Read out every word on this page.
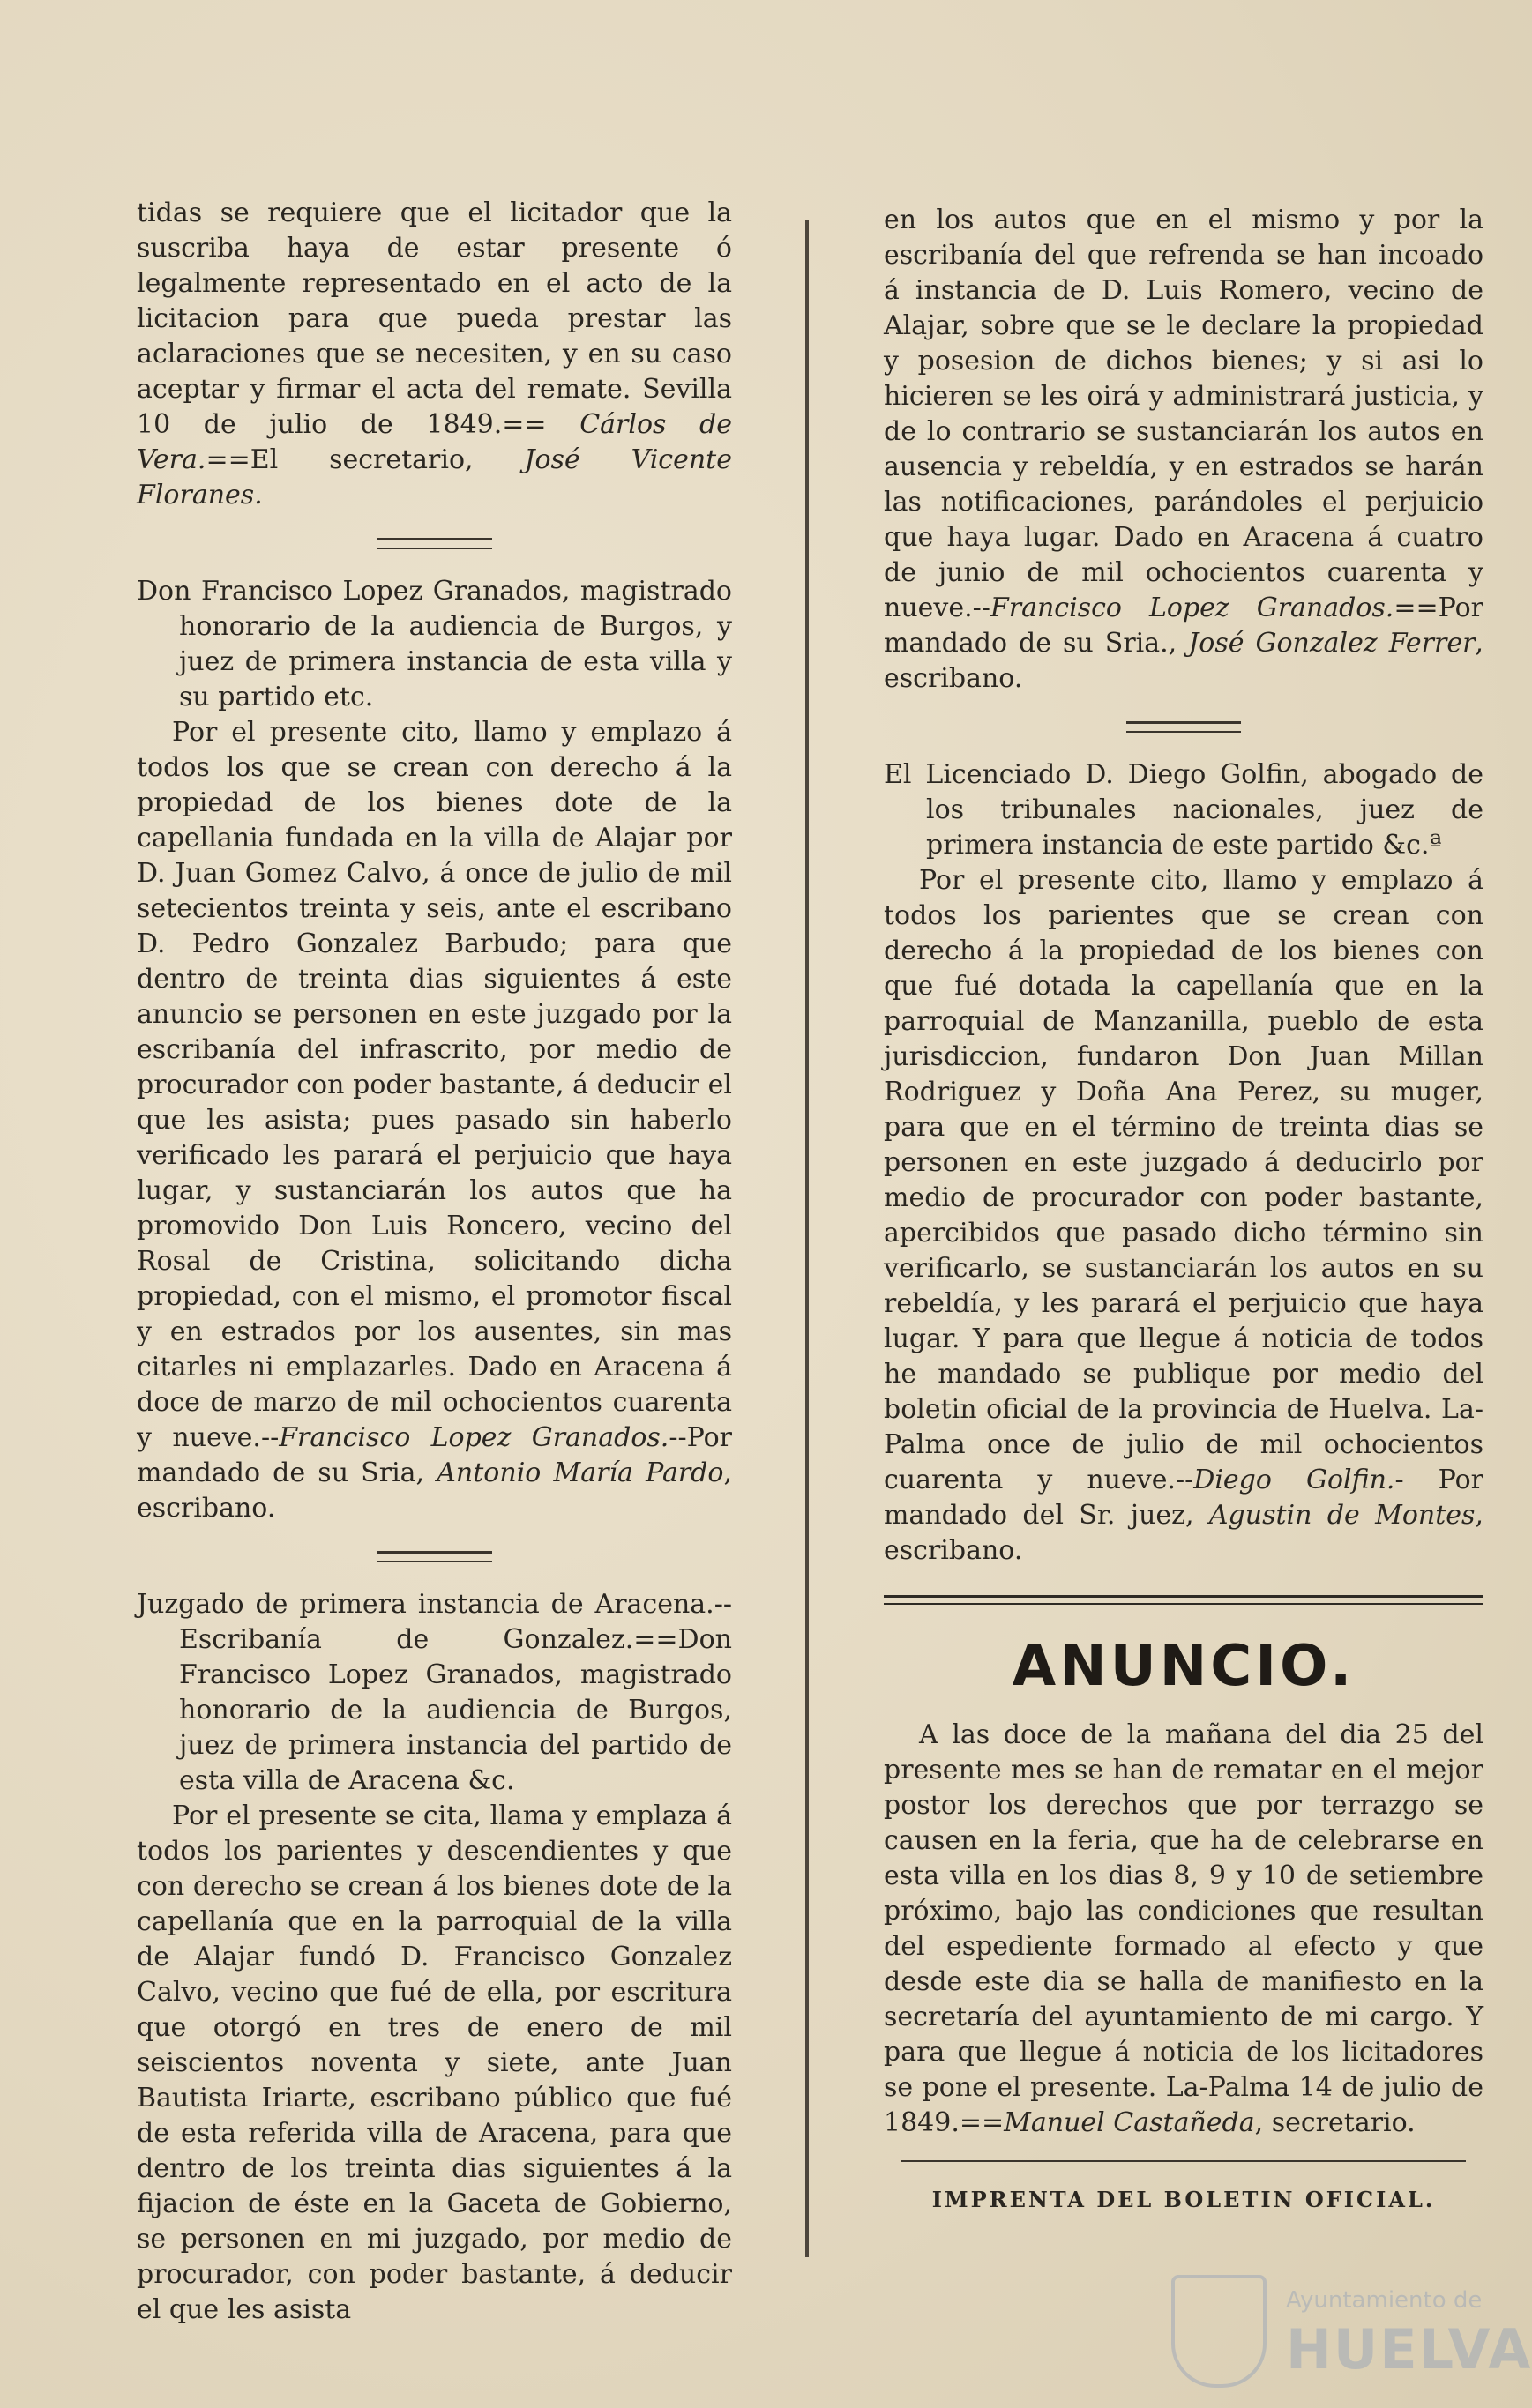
tidas se requiere que el licitador que la suscriba haya de estar presente ó legalmente representado en el acto de la licitacion para que pueda prestar las aclaraciones que se necesiten, y en su caso aceptar y firmar el acta del remate. Sevilla 10 de julio de 1849.== Cárlos de Vera.==El secretario, José Vicente Floranes.

Don Francisco Lopez Granados, magistrado honorario de la audiencia de Burgos, y juez de primera instancia de esta villa y su partido etc.

Por el presente cito, llamo y emplazo á todos los que se crean con derecho á la propiedad de los bienes dote de la capellania fundada en la villa de Alajar por D. Juan Gomez Calvo, á once de julio de mil setecientos treinta y seis, ante el escribano D. Pedro Gonzalez Barbudo; para que dentro de treinta dias siguientes á este anuncio se personen en este juzgado por la escribanía del infrascrito, por medio de procurador con poder bastante, á deducir el que les asista; pues pasado sin haberlo verificado les parará el perjuicio que haya lugar, y sustanciarán los autos que ha promovido Don Luis Roncero, vecino del Rosal de Cristina, solicitando dicha propiedad, con el mismo, el promotor fiscal y en estrados por los ausentes, sin mas citarles ni emplazarles. Dado en Aracena á doce de marzo de mil ochocientos cuarenta y nueve.--Francisco Lopez Granados.--Por mandado de su Sria, Antonio María Pardo, escribano.

Juzgado de primera instancia de Aracena.--Escribanía de Gonzalez.==Don Francisco Lopez Granados, magistrado honorario de la audiencia de Burgos, juez de primera instancia del partido de esta villa de Aracena &c.

Por el presente se cita, llama y emplaza á todos los parientes y descendientes y que con derecho se crean á los bienes dote de la capellanía que en la parroquial de la villa de Alajar fundó D. Francisco Gonzalez Calvo, vecino que fué de ella, por escritura que otorgó en tres de enero de mil seiscientos noventa y siete, ante Juan Bautista Iriarte, escribano público que fué de esta referida villa de Aracena, para que dentro de los treinta dias siguientes á la fijacion de éste en la Gaceta de Gobierno, se personen en mi juzgado, por medio de procurador, con poder bastante, á deducir el que les asista

en los autos que en el mismo y por la escribanía del que refrenda se han incoado á instancia de D. Luis Romero, vecino de Alajar, sobre que se le declare la propiedad y posesion de dichos bienes; y si asi lo hicieren se les oirá y administrará justicia, y de lo contrario se sustanciarán los autos en ausencia y rebeldía, y en estrados se harán las notificaciones, parándoles el perjuicio que haya lugar. Dado en Aracena á cuatro de junio de mil ochocientos cuarenta y nueve.--Francisco Lopez Granados.==Por mandado de su Sria., José Gonzalez Ferrer, escribano.

El Licenciado D. Diego Golfin, abogado de los tribunales nacionales, juez de primera instancia de este partido &c.ª

Por el presente cito, llamo y emplazo á todos los parientes que se crean con derecho á la propiedad de los bienes con que fué dotada la capellanía que en la parroquial de Manzanilla, pueblo de esta jurisdiccion, fundaron Don Juan Millan Rodriguez y Doña Ana Perez, su muger, para que en el término de treinta dias se personen en este juzgado á deducirlo por medio de procurador con poder bastante, apercibidos que pasado dicho término sin verificarlo, se sustanciarán los autos en su rebeldía, y les parará el perjuicio que haya lugar. Y para que llegue á noticia de todos he mandado se publique por medio del boletin oficial de la provincia de Huelva. La-Palma once de julio de mil ochocientos cuarenta y nueve.--Diego Golfin.- Por mandado del Sr. juez, Agustin de Montes, escribano.

ANUNCIO.

A las doce de la mañana del dia 25 del presente mes se han de rematar en el mejor postor los derechos que por terrazgo se causen en la feria, que ha de celebrarse en esta villa en los dias 8, 9 y 10 de setiembre próximo, bajo las condiciones que resultan del espediente formado al efecto y que desde este dia se halla de manifiesto en la secretaría del ayuntamiento de mi cargo. Y para que llegue á noticia de los licitadores se pone el presente. La-Palma 14 de julio de 1849.==Manuel Castañeda, secretario.

IMPRENTA DEL BOLETIN OFICIAL.
Ayuntamiento de
HUELVA
